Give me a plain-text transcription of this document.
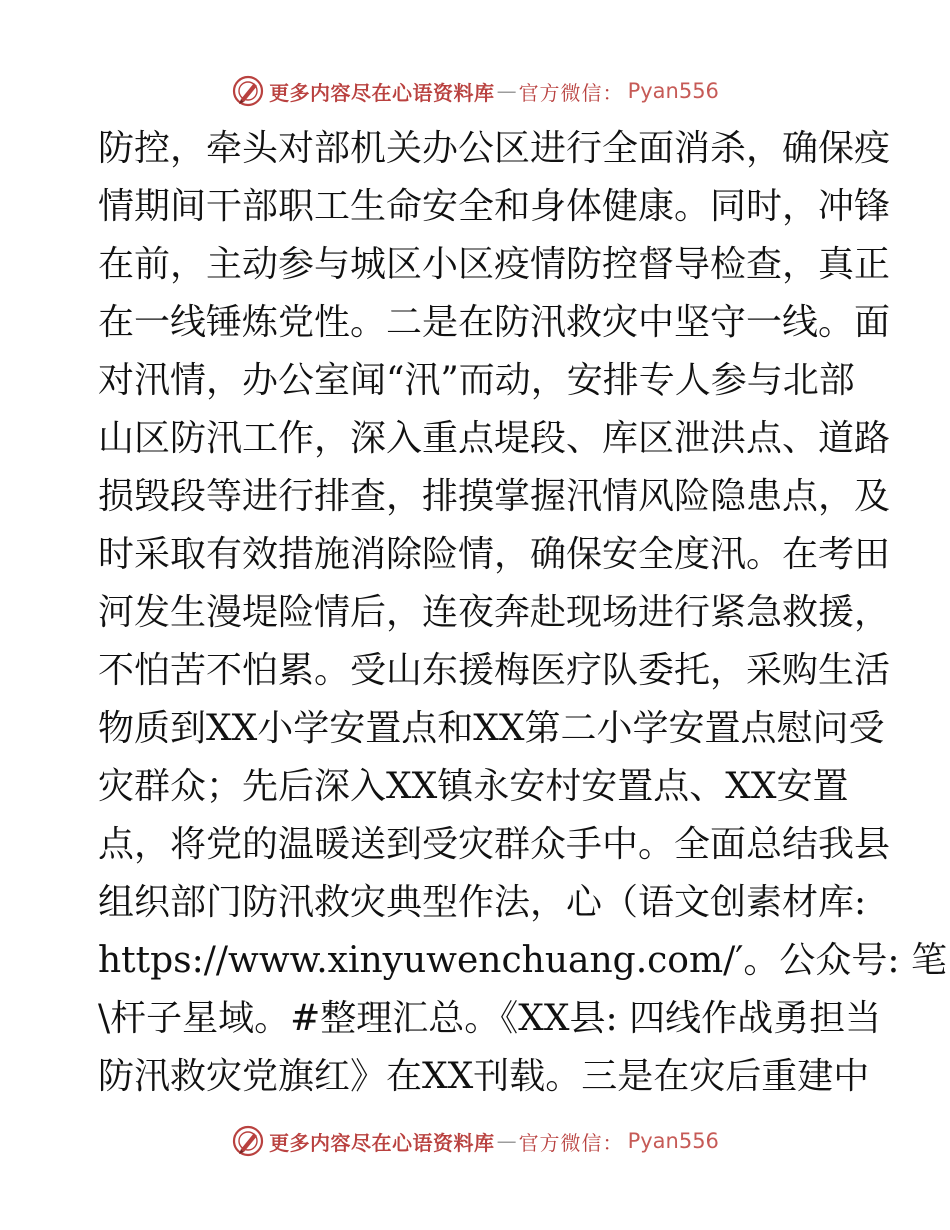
更多内容尽在心语资料库 — 官方微信： Pyan556
防控，牵头对部机关办公区进行全面消杀，确保疫
情期间干部职工生命安全和身体健康。同时，冲锋
在前，主动参与城区小区疫情防控督导检查，真正
在一线锤炼党性。二是在防汛救灾中坚守一线。面
对汛情，办公室闻“汛”而动，安排专人参与北部
山区防汛工作，深入重点堤段、库区泄洪点、道路
损毁段等进行排查，排摸掌握汛情风险隐患点，及
时采取有效措施消除险情，确保安全度汛。在考田
河发生漫堤险情后，连夜奔赴现场进行紧急救援，
不怕苦不怕累。受山东援梅医疗队委托，采购生活
物质到XX小学安置点和XX第二小学安置点慰问受
灾群众；先后深入XX镇永安村安置点、XX安置
点，将党的温暖送到受灾群众手中。全面总结我县
组织部门防汛救灾典型作法，心（语文创素材库:
https://www.xinyuwenchuang.com/′。公众号: 笔
\杆子星域。#整理汇总。《XX县: 四线作战勇担当
防汛救灾党旗红》在XX刊载。三是在灾后重建中
更多内容尽在心语资料库 — 官方微信： Pyan556
